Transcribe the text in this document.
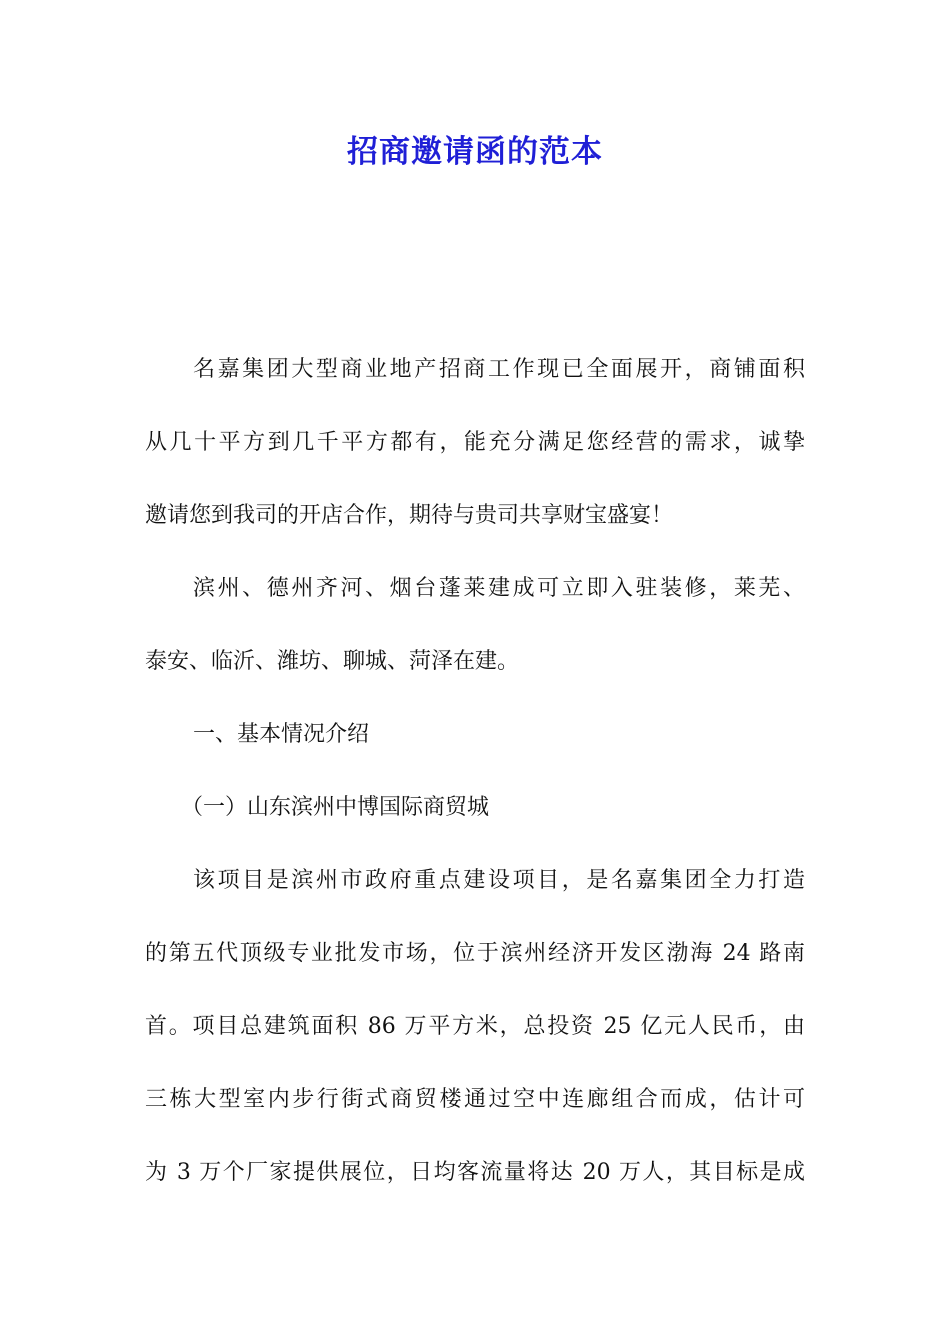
招商邀请函的范本
名嘉集团大型商业地产招商工作现已全面展开，商铺面积
从几十平方到几千平方都有，能充分满足您经营的需求，诚挚
邀请您到我司的开店合作，期待与贵司共享财宝盛宴！
滨州、德州齐河、烟台蓬莱建成可立即入驻装修，莱芜、
泰安、临沂、潍坊、聊城、菏泽在建。
一、基本情况介绍
（一）山东滨州中博国际商贸城
该项目是滨州市政府重点建设项目，是名嘉集团全力打造
的第五代顶级专业批发市场，位于滨州经济开发区渤海 24 路南
首。项目总建筑面积 86 万平方米，总投资 25 亿元人民币，由
三栋大型室内步行街式商贸楼通过空中连廊组合而成，估计可
为 3 万个厂家提供展位，日均客流量将达 20 万人，其目标是成
